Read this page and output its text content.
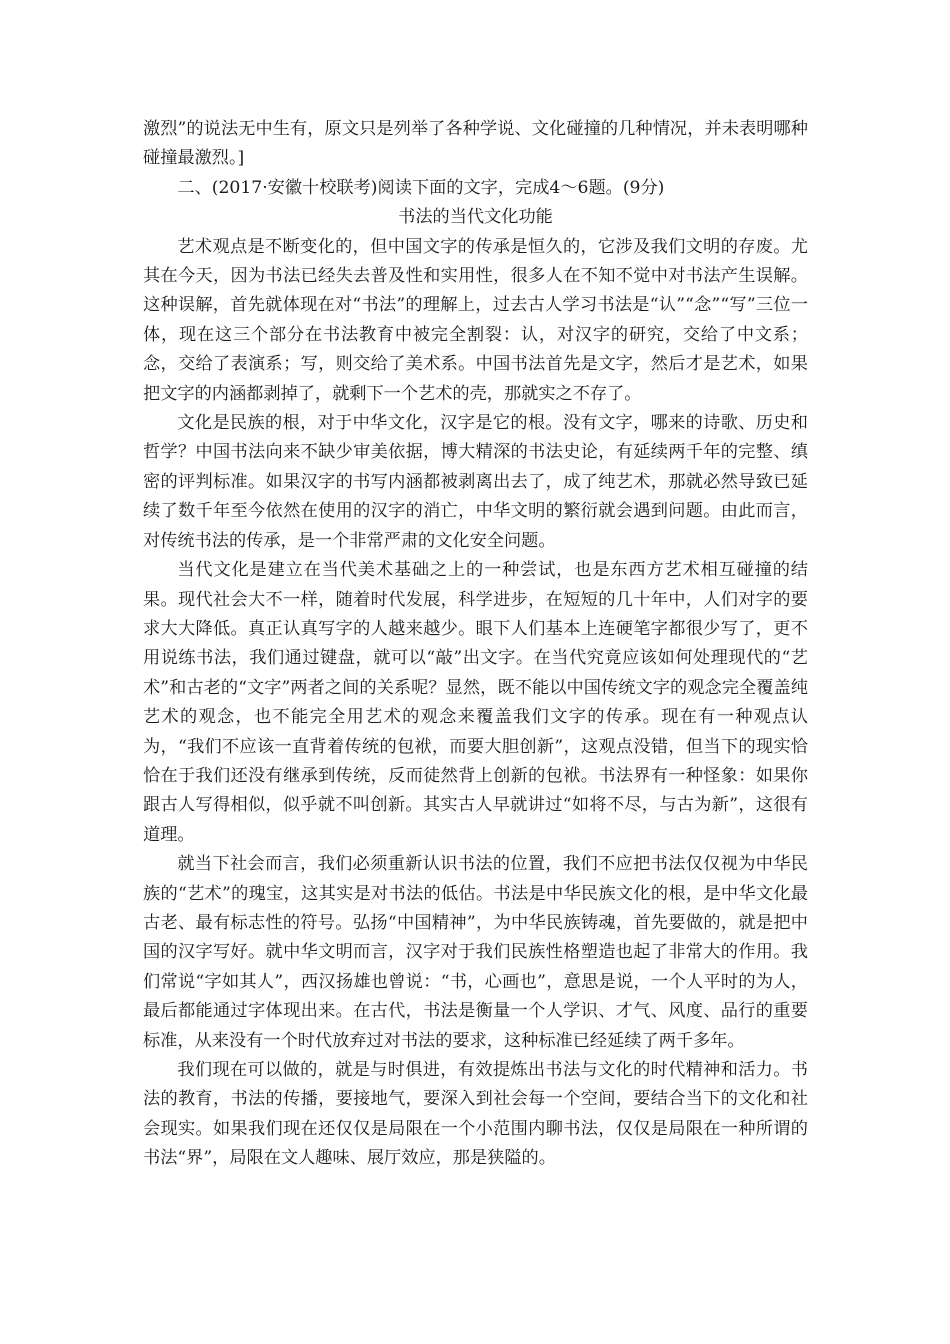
激烈”的说法无中生有，原文只是列举了各种学说、文化碰撞的几种情况，并未表明哪种碰撞最激烈。]

二、(2017·安徽十校联考)阅读下面的文字，完成4～6题。(9分)

书法的当代文化功能

艺术观点是不断变化的，但中国文字的传承是恒久的，它涉及我们文明的存废。尤其在今天，因为书法已经失去普及性和实用性，很多人在不知不觉中对书法产生误解。这种误解，首先就体现在对“书法”的理解上，过去古人学习书法是“认”“念”“写”三位一体，现在这三个部分在书法教育中被完全割裂：认，对汉字的研究，交给了中文系；念，交给了表演系；写，则交给了美术系。中国书法首先是文字，然后才是艺术，如果把文字的内涵都剥掉了，就剩下一个艺术的壳，那就实之不存了。

文化是民族的根，对于中华文化，汉字是它的根。没有文字，哪来的诗歌、历史和哲学？中国书法向来不缺少审美依据，博大精深的书法史论，有延续两千年的完整、缜密的评判标准。如果汉字的书写内涵都被剥离出去了，成了纯艺术，那就必然导致已延续了数千年至今依然在使用的汉字的消亡，中华文明的繁衍就会遇到问题。由此而言，对传统书法的传承，是一个非常严肃的文化安全问题。

当代文化是建立在当代美术基础之上的一种尝试，也是东西方艺术相互碰撞的结果。现代社会大不一样，随着时代发展，科学进步，在短短的几十年中，人们对字的要求大大降低。真正认真写字的人越来越少。眼下人们基本上连硬笔字都很少写了，更不用说练书法，我们通过键盘，就可以“敲”出文字。在当代究竟应该如何处理现代的“艺术”和古老的“文字”两者之间的关系呢？显然，既不能以中国传统文字的观念完全覆盖纯艺术的观念，也不能完全用艺术的观念来覆盖我们文字的传承。现在有一种观点认为，“我们不应该一直背着传统的包袱，而要大胆创新”，这观点没错，但当下的现实恰恰在于我们还没有继承到传统，反而徒然背上创新的包袱。书法界有一种怪象：如果你跟古人写得相似，似乎就不叫创新。其实古人早就讲过“如将不尽，与古为新”，这很有道理。

就当下社会而言，我们必须重新认识书法的位置，我们不应把书法仅仅视为中华民族的“艺术”的瑰宝，这其实是对书法的低估。书法是中华民族文化的根，是中华文化最古老、最有标志性的符号。弘扬“中国精神”，为中华民族铸魂，首先要做的，就是把中国的汉字写好。就中华文明而言，汉字对于我们民族性格塑造也起了非常大的作用。我们常说“字如其人”，西汉扬雄也曾说：“书，心画也”，意思是说，一个人平时的为人，最后都能通过字体现出来。在古代，书法是衡量一个人学识、才气、风度、品行的重要标准，从来没有一个时代放弃过对书法的要求，这种标准已经延续了两千多年。

我们现在可以做的，就是与时俱进，有效提炼出书法与文化的时代精神和活力。书法的教育，书法的传播，要接地气，要深入到社会每一个空间，要结合当下的文化和社会现实。如果我们现在还仅仅是局限在一个小范围内聊书法，仅仅是局限在一种所谓的书法“界”，局限在文人趣味、展厅效应，那是狭隘的。
